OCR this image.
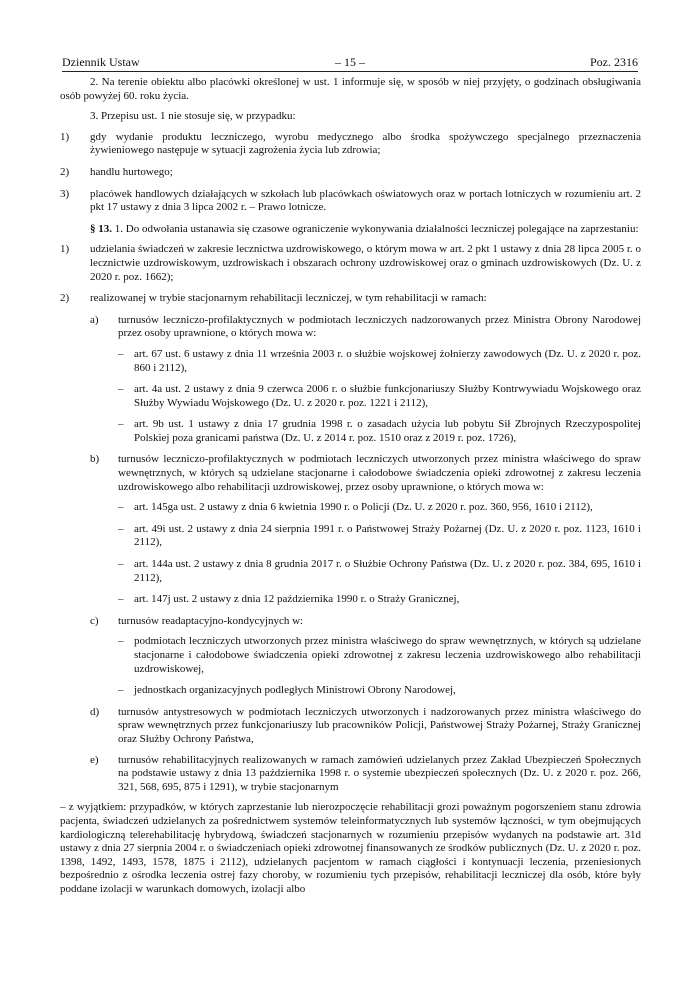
Dziennik Ustaw	– 15 –	Poz. 2316

2. Na terenie obiektu albo placówki określonej w ust. 1 informuje się, w sposób w niej przyjęty, o godzinach obsługiwania osób powyżej 60. roku życia.

3. Przepisu ust. 1 nie stosuje się, w przypadku:

1)	gdy wydanie produktu leczniczego, wyrobu medycznego albo środka spożywczego specjalnego przeznaczenia żywieniowego następuje w sytuacji zagrożenia życia lub zdrowia;
2)	handlu hurtowego;
3)	placówek handlowych działających w szkołach lub placówkach oświatowych oraz w portach lotniczych w rozumieniu art. 2 pkt 17 ustawy z dnia 3 lipca 2002 r. – Prawo lotnicze.

§ 13. 1. Do odwołania ustanawia się czasowe ograniczenie wykonywania działalności leczniczej polegające na zaprzestaniu:

1)	udzielania świadczeń w zakresie lecznictwa uzdrowiskowego, o którym mowa w art. 2 pkt 1 ustawy z dnia 28 lipca 2005 r. o lecznictwie uzdrowiskowym, uzdrowiskach i obszarach ochrony uzdrowiskowej oraz o gminach uzdrowiskowych (Dz. U. z 2020 r. poz. 1662);
2)	realizowanej w trybie stacjonarnym rehabilitacji leczniczej, w tym rehabilitacji w ramach:
a)	turnusów leczniczo-profilaktycznych w podmiotach leczniczych nadzorowanych przez Ministra Obrony Narodowej przez osoby uprawnione, o których mowa w:
– art. 67 ust. 6 ustawy z dnia 11 września 2003 r. o służbie wojskowej żołnierzy zawodowych (Dz. U. z 2020 r. poz. 860 i 2112),
– art. 4a ust. 2 ustawy z dnia 9 czerwca 2006 r. o służbie funkcjonariuszy Służby Kontrwywiadu Wojskowego oraz Służby Wywiadu Wojskowego (Dz. U. z 2020 r. poz. 1221 i 2112),
– art. 9b ust. 1 ustawy z dnia 17 grudnia 1998 r. o zasadach użycia lub pobytu Sił Zbrojnych Rzeczypospolitej Polskiej poza granicami państwa (Dz. U. z 2014 r. poz. 1510 oraz z 2019 r. poz. 1726),
b)	turnusów leczniczo-profilaktycznych w podmiotach leczniczych utworzonych przez ministra właściwego do spraw wewnętrznych, w których są udzielane stacjonarne i całodobowe świadczenia opieki zdrowotnej z zakresu leczenia uzdrowiskowego albo rehabilitacji uzdrowiskowej, przez osoby uprawnione, o których mowa w:
– art. 145ga ust. 2 ustawy z dnia 6 kwietnia 1990 r. o Policji (Dz. U. z 2020 r. poz. 360, 956, 1610 i 2112),
– art. 49i ust. 2 ustawy z dnia 24 sierpnia 1991 r. o Państwowej Straży Pożarnej (Dz. U. z 2020 r. poz. 1123, 1610 i 2112),
– art. 144a ust. 2 ustawy z dnia 8 grudnia 2017 r. o Służbie Ochrony Państwa (Dz. U. z 2020 r. poz. 384, 695, 1610 i 2112),
– art. 147j ust. 2 ustawy z dnia 12 października 1990 r. o Straży Granicznej,
c)	turnusów readaptacyjno-kondycyjnych w:
– podmiotach leczniczych utworzonych przez ministra właściwego do spraw wewnętrznych, w których są udzielane stacjonarne i całodobowe świadczenia opieki zdrowotnej z zakresu leczenia uzdrowiskowego albo rehabilitacji uzdrowiskowej,
– jednostkach organizacyjnych podległych Ministrowi Obrony Narodowej,
d)	turnusów antystresowych w podmiotach leczniczych utworzonych i nadzorowanych przez ministra właściwego do spraw wewnętrznych przez funkcjonariuszy lub pracowników Policji, Państwowej Straży Pożarnej, Straży Granicznej oraz Służby Ochrony Państwa,
e)	turnusów rehabilitacyjnych realizowanych w ramach zamówień udzielanych przez Zakład Ubezpieczeń Społecznych na podstawie ustawy z dnia 13 października 1998 r. o systemie ubezpieczeń społecznych (Dz. U. z 2020 r. poz. 266, 321, 568, 695, 875 i 1291), w trybie stacjonarnym

– z wyjątkiem: przypadków, w których zaprzestanie lub nierozpoczęcie rehabilitacji grozi poważnym pogorszeniem stanu zdrowia pacjenta, świadczeń udzielanych za pośrednictwem systemów teleinformatycznych lub systemów łączności, w tym obejmujących kardiologiczną telerehabilitację hybrydową, świadczeń stacjonarnych w rozumieniu przepisów wydanych na podstawie art. 31d ustawy z dnia 27 sierpnia 2004 r. o świadczeniach opieki zdrowotnej finansowanych ze środków publicznych (Dz. U. z 2020 r. poz. 1398, 1492, 1493, 1578, 1875 i 2112), udzielanych pacjentom w ramach ciągłości i kontynuacji leczenia, przeniesionych bezpośrednio z ośrodka leczenia ostrej fazy choroby, w rozumieniu tych przepisów, rehabilitacji leczniczej dla osób, które były poddane izolacji w warunkach domowych, izolacji albo
